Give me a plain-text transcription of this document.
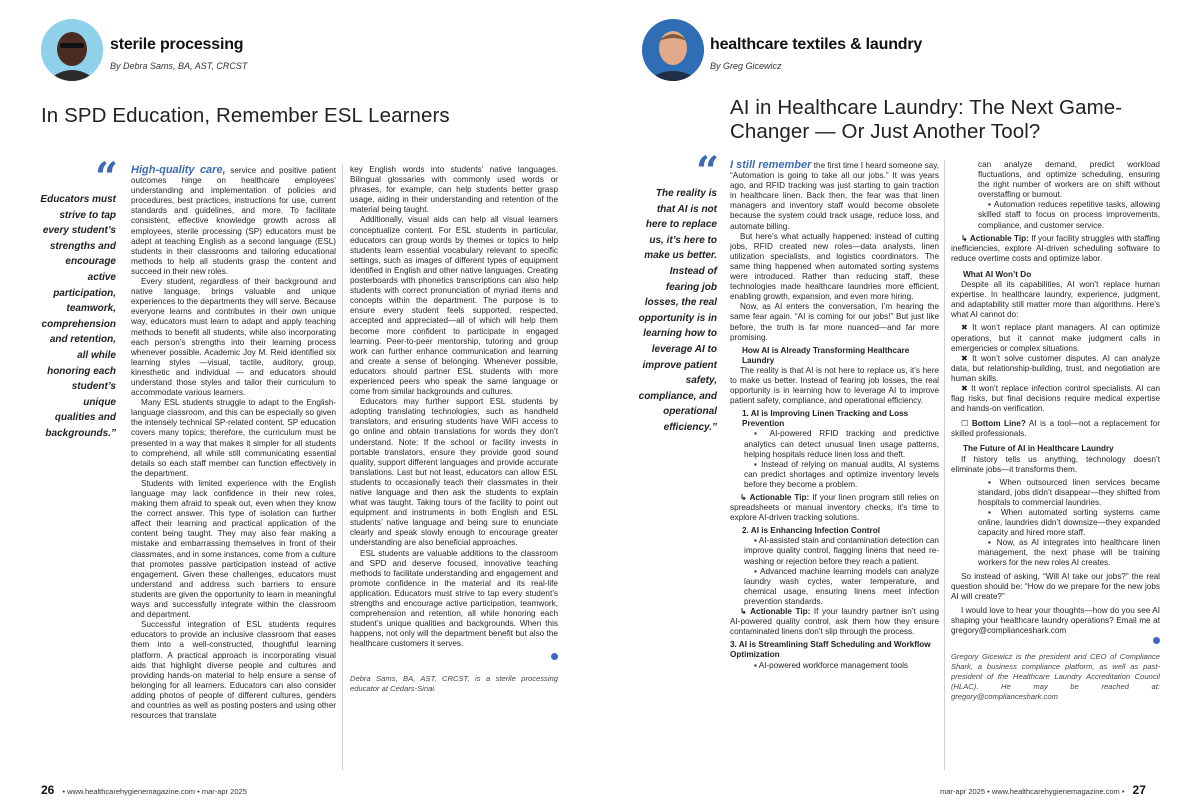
sterile processing
By Debra Sams, BA, AST, CRCST
In SPD Education, Remember ESL Learners
“
Educators must strive to tap every student’s strengths and encourage active participation, teamwork, comprehension and retention, all while honoring each student’s unique qualities and backgrounds.”

High-quality care, service and positive patient outcomes hinge on healthcare employees’ understanding and implementation of policies and procedures, best practices, instructions for use, current standards and guidelines, and more. To facilitate consistent, effective knowledge growth across all employees, sterile processing (SP) educators must be adept at teaching English as a second language (ESL) students in their classrooms and tailoring educational methods to help all students grasp the content and succeed in their new roles.

Every student, regardless of their background and native language, brings valuable and unique experiences to the departments they will serve. Because everyone learns and contributes in their own unique way, educators must learn to adapt and apply teaching methods to benefit all students, while also incorporating each person’s strengths into their learning process whenever possible. Academic Joy M. Reid identified six learning styles —visual, tactile, auditory, group, kinesthetic and individual — and educators should understand those styles and tailor their curriculum to accommodate various learners.

Many ESL students struggle to adapt to the English-language classroom, and this can be especially so given the intensely technical SP-related content. SP education covers many topics; therefore, the curriculum must be presented in a way that makes it simpler for all students to comprehend, all while still communicating essential details so each staff member can function effectively in the department.

Students with limited experience with the English language may lack confidence in their new roles, making them afraid to speak out, even when they know the correct answer. This type of isolation can further affect their learning and practical application of the content being taught. They may also fear making a mistake and embarrassing themselves in front of their classmates, and in some instances, come from a culture that promotes passive participation instead of active engagement. Given these challenges, educators must understand and address such barriers to ensure students are given the opportunity to learn in meaningful ways and successfully integrate within the classroom and department.

Successful integration of ESL students requires educators to provide an inclusive classroom that eases them into a well-constructed, thoughtful learning platform. A practical approach is incorporating visual aids that highlight diverse people and cultures and providing hands-on material to help ensure a sense of belonging for all learners. Educators can also consider adding photos of people of different cultures, genders and countries as well as posting posters and using other resources that translate

key English words into students’ native languages. Bilingual glossaries with commonly used words or phrases, for example, can help students better grasp usage, aiding in their understanding and retention of the material being taught.

Additionally, visual aids can help all visual learners conceptualize content. For ESL students in particular, educators can group words by themes or topics to help students learn essential vocabulary relevant to specific settings, such as images of different types of equipment identified in English and other native languages. Creating posterboards with phonetics transcriptions can also help students with correct pronunciation of myriad items and concepts within the department. The purpose is to ensure every student feels supported, respected, accepted and appreciated—all of which will help them become more confident to participate in engaged learning. Peer-to-peer mentorship, tutoring and group work can further enhance communication and learning and create a sense of belonging. Whenever possible, educators should partner ESL students with more experienced peers who speak the same language or come from similar backgrounds and cultures.

Educators may further support ESL students by adopting translating technologies, such as handheld translators, and ensuring students have WiFi access to go online and obtain translations for words they don’t understand. Note: If the school or facility invests in portable translators, ensure they provide good sound quality, support different languages and provide accurate translations. Last but not least, educators can allow ESL students to occasionally teach their classmates in their native language and then ask the students to explain what was taught. Taking tours of the facility to point out equipment and instruments in both English and ESL students’ native language and being sure to enunciate clearly and speak slowly enough to encourage greater understanding are also beneficial approaches.

ESL students are valuable additions to the classroom and SPD and deserve focused, innovative teaching methods to facilitate understanding and engagement and promote confidence in the material and its real-life application. Educators must strive to tap every student’s strengths and encourage active participation, teamwork, comprehension and retention, all while honoring each student’s unique qualities and backgrounds. When this happens, not only will the department benefit but also the healthcare customers it serves.

Debra Sams, BA, AST, CRCST, is a sterile processing educator at Cedars-Sinai.

26 • www.healthcarehygienemagazine.com • mar-apr 2025
healthcare textiles & laundry
By Greg Gicewicz
AI in Healthcare Laundry: The Next Game-Changer — Or Just Another Tool?
“
The reality is that AI is not here to replace us, it’s here to make us better. Instead of fearing job losses, the real opportunity is in learning how to leverage AI to improve patient safety, compliance, and operational efficiency.”

I still remember the first time I heard someone say, “Automation is going to take all our jobs.” It was years ago, and RFID tracking was just starting to gain traction in healthcare linen. Back then, the fear was that linen managers and inventory staff would become obsolete because the system could track usage, reduce loss, and automate billing.

But here’s what actually happened: instead of cutting jobs, RFID created new roles—data analysts, linen utilization specialists, and logistics coordinators. The same thing happened when automated sorting systems were introduced. Rather than reducing staff, these technologies made healthcare laundries more efficient, enabling growth, expansion, and even more hiring.

Now, as AI enters the conversation, I’m hearing the same fear again. “AI is coming for our jobs!” But just like before, the truth is far more nuanced—and far more promising.

How AI is Already Transforming Healthcare Laundry

The reality is that AI is not here to replace us, it’s here to make us better. Instead of fearing job losses, the real opportunity is in learning how to leverage AI to improve patient safety, compliance, and operational efficiency.

1. AI is Improving Linen Tracking and Loss Prevention

▪ AI-powered RFID tracking and predictive analytics can detect unusual linen usage patterns, helping hospitals reduce linen loss and theft.

▪ Instead of relying on manual audits, AI systems can predict shortages and optimize inventory levels before they become a problem.

↳ Actionable Tip: If your linen program still relies on spreadsheets or manual inventory checks, it’s time to explore AI-driven tracking solutions.

2. AI is Enhancing Infection Control

▪ AI-assisted stain and contamination detection can improve quality control, flagging linens that need re-washing or rejection before they reach a patient.

▪ Advanced machine learning models can analyze laundry wash cycles, water temperature, and chemical usage, ensuring linens meet infection prevention standards.

↳ Actionable Tip: If your laundry partner isn’t using AI-powered quality control, ask them how they ensure contaminated linens don’t slip through the process.

3. AI is Streamlining Staff Scheduling and Workflow Optimization

▪ AI-powered workforce management tools

can analyze demand, predict workload fluctuations, and optimize scheduling, ensuring the right number of workers are on shift without overstaffing or burnout.

▪ Automation reduces repetitive tasks, allowing skilled staff to focus on process improvements, compliance, and customer service.

↳ Actionable Tip: If your facility struggles with staffing inefficiencies, explore AI-driven scheduling software to reduce overtime costs and optimize labor.

What AI Won’t Do

Despite all its capabilities, AI won’t replace human expertise. In healthcare laundry, experience, judgment, and adaptability still matter more than algorithms. Here’s what AI cannot do:

✖ It won’t replace plant managers. AI can optimize operations, but it cannot make judgment calls in emergencies or complex situations.

✖ It won’t solve customer disputes. AI can analyze data, but relationship-building, trust, and negotiation are human skills.

✖ It won’t replace infection control specialists. AI can flag risks, but final decisions require medical expertise and hands-on verification.

☐ Bottom Line? AI is a tool—not a replacement for skilled professionals.

The Future of AI in Healthcare Laundry

If history tells us anything, technology doesn’t eliminate jobs—it transforms them.

▪ When outsourced linen services became standard, jobs didn’t disappear—they shifted from hospitals to commercial laundries.

▪ When automated sorting systems came online, laundries didn’t downsize—they expanded capacity and hired more staff.

▪ Now, as AI integrates into healthcare linen management, the next phase will be training workers for the new roles AI creates.

So instead of asking, “Will AI take our jobs?” the real question should be: “How do we prepare for the new jobs AI will create?”

I would love to hear your thoughts—how do you see AI shaping your healthcare laundry operations? Email me at gregory@complianceshark.com

Gregory Gicewicz is the president and CEO of Compliance Shark, a business compliance platform, as well as past-president of the Healthcare Laundry Accreditation Council (HLAC). He may be reached at: gregory@complianceshark.com

mar-apr 2025 • www.healthcarehygienemagazine.com • 27
